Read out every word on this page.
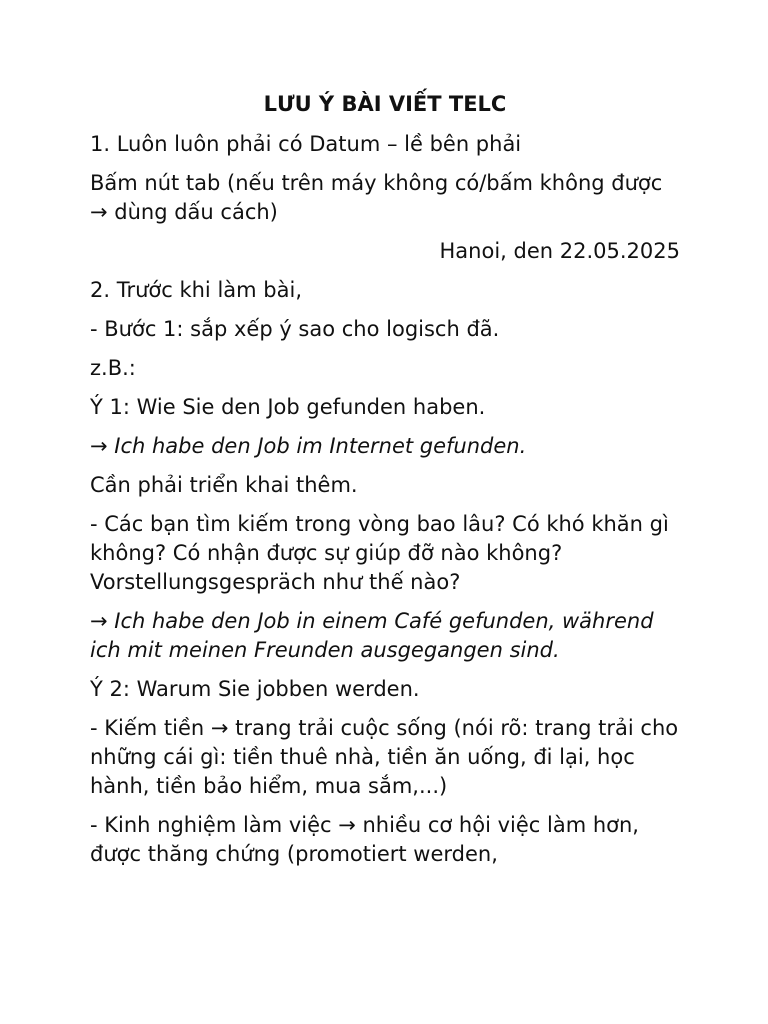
LƯU Ý BÀI VIẾT TELC
1. Luôn luôn phải có Datum – lề bên phải
Bấm nút tab (nếu trên máy không có/bấm không được → dùng dấu cách)
Hanoi, den 22.05.2025
2. Trước khi làm bài,
- Bước 1: sắp xếp ý sao cho logisch đã.
z.B.:
Ý 1: Wie Sie den Job gefunden haben.
→ Ich habe den Job im Internet gefunden.
Cần phải triển khai thêm.
- Các bạn tìm kiếm trong vòng bao lâu? Có khó khăn gì không? Có nhận được sự giúp đỡ nào không? Vorstellungsgespräch như thế nào?
→ Ich habe den Job in einem Café gefunden, während ich mit meinen Freunden ausgegangen sind.
Ý 2: Warum Sie jobben werden.
- Kiếm tiền → trang trải cuộc sống (nói rõ: trang trải cho những cái gì: tiền thuê nhà, tiền ăn uống, đi lại, học hành, tiền bảo hiểm, mua sắm,...)
- Kinh nghiệm làm việc → nhiều cơ hội việc làm hơn, được thăng chứng (promotiert werden,
